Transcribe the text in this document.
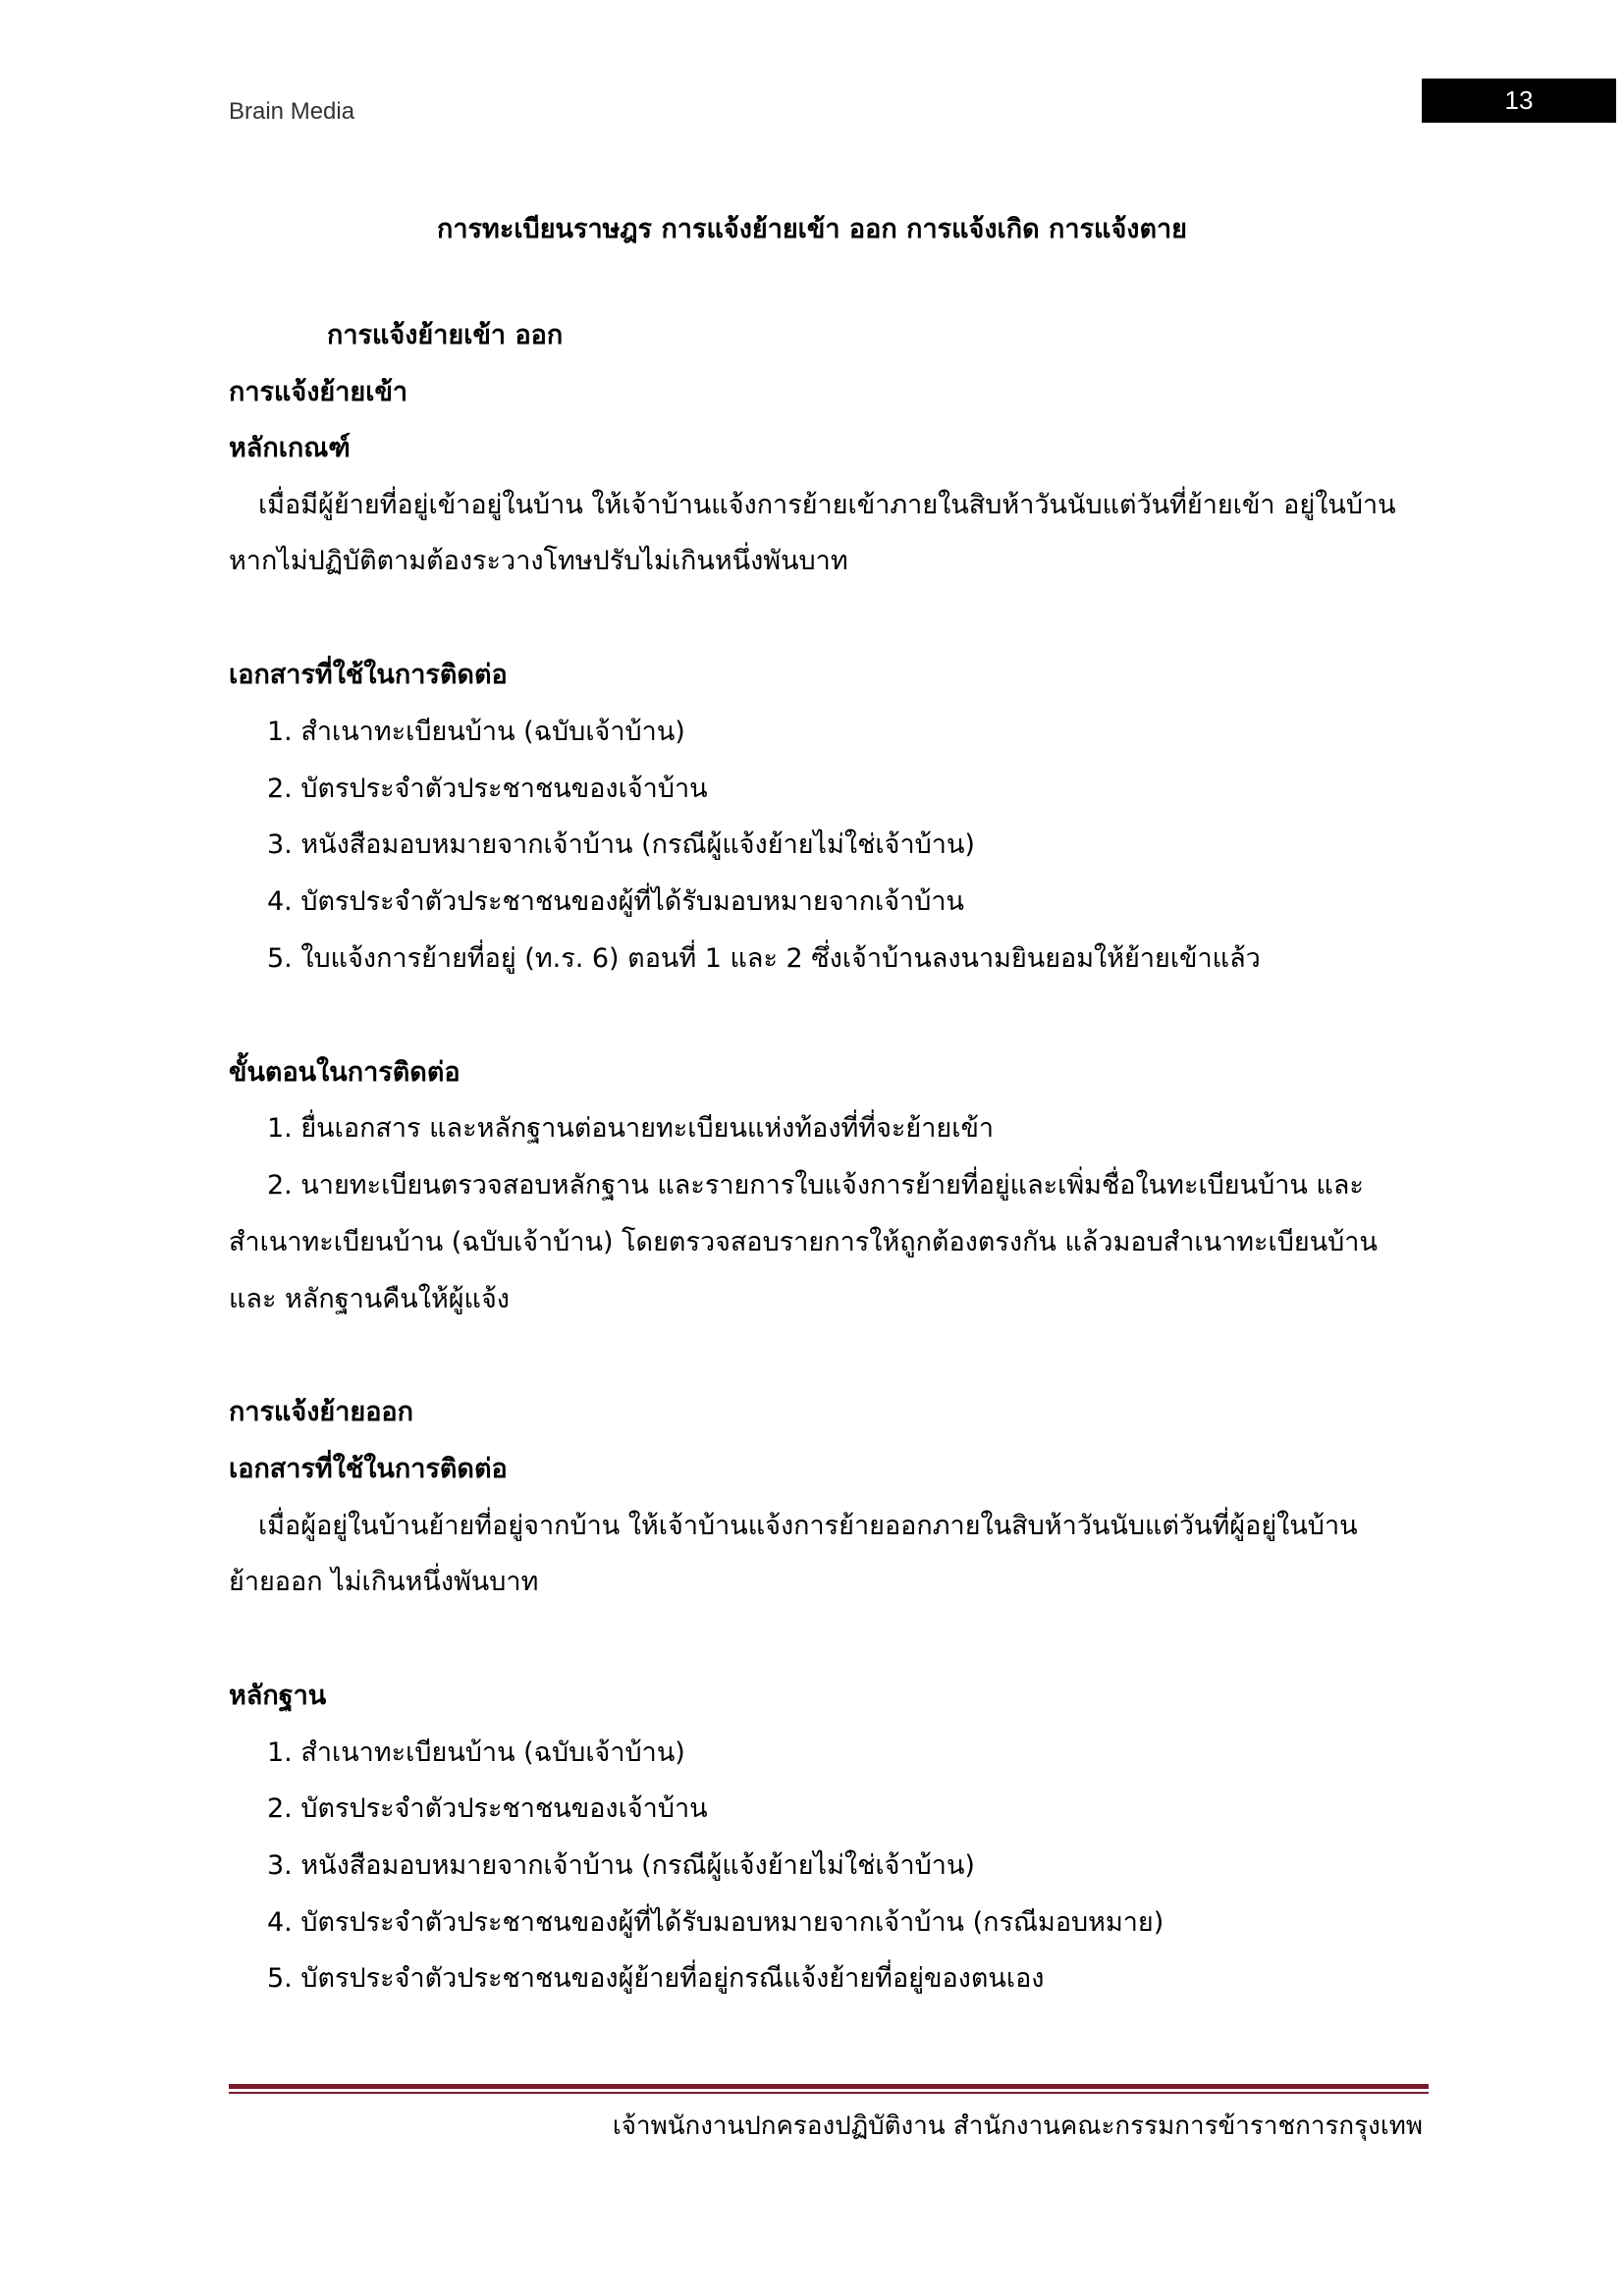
Brain Media	13
การทะเบียนราษฎร การแจ้งย้ายเข้า ออก การแจ้งเกิด การแจ้งตาย
การแจ้งย้ายเข้า ออก
การแจ้งย้ายเข้า
หลักเกณฑ์
เมื่อมีผู้ย้ายที่อยู่เข้าอยู่ในบ้าน ให้เจ้าบ้านแจ้งการย้ายเข้าภายในสิบห้าวันนับแต่วันที่ย้ายเข้า อยู่ในบ้าน
หากไม่ปฏิบัติตามต้องระวางโทษปรับไม่เกินหนึ่งพันบาท
เอกสารที่ใช้ในการติดต่อ
1. สำเนาทะเบียนบ้าน (ฉบับเจ้าบ้าน)
2. บัตรประจำตัวประชาชนของเจ้าบ้าน
3. หนังสือมอบหมายจากเจ้าบ้าน (กรณีผู้แจ้งย้ายไม่ใช่เจ้าบ้าน)
4. บัตรประจำตัวประชาชนของผู้ที่ได้รับมอบหมายจากเจ้าบ้าน
5. ใบแจ้งการย้ายที่อยู่ (ท.ร. 6) ตอนที่ 1 และ 2 ซึ่งเจ้าบ้านลงนามยินยอมให้ย้ายเข้าแล้ว
ขั้นตอนในการติดต่อ
1. ยื่นเอกสาร และหลักฐานต่อนายทะเบียนแห่งท้องที่ที่จะย้ายเข้า
2. นายทะเบียนตรวจสอบหลักฐาน และรายการใบแจ้งการย้ายที่อยู่และเพิ่มชื่อในทะเบียนบ้าน และ
สำเนาทะเบียนบ้าน (ฉบับเจ้าบ้าน) โดยตรวจสอบรายการให้ถูกต้องตรงกัน แล้วมอบสำเนาทะเบียนบ้าน
และ หลักฐานคืนให้ผู้แจ้ง
การแจ้งย้ายออก
เอกสารที่ใช้ในการติดต่อ
เมื่อผู้อยู่ในบ้านย้ายที่อยู่จากบ้าน ให้เจ้าบ้านแจ้งการย้ายออกภายในสิบห้าวันนับแต่วันที่ผู้อยู่ในบ้าน
ย้ายออก ไม่เกินหนึ่งพันบาท
หลักฐาน
1. สำเนาทะเบียนบ้าน (ฉบับเจ้าบ้าน)
2. บัตรประจำตัวประชาชนของเจ้าบ้าน
3. หนังสือมอบหมายจากเจ้าบ้าน (กรณีผู้แจ้งย้ายไม่ใช่เจ้าบ้าน)
4. บัตรประจำตัวประชาชนของผู้ที่ได้รับมอบหมายจากเจ้าบ้าน (กรณีมอบหมาย)
5. บัตรประจำตัวประชาชนของผู้ย้ายที่อยู่กรณีแจ้งย้ายที่อยู่ของตนเอง
เจ้าพนักงานปกครองปฏิบัติงาน สำนักงานคณะกรรมการข้าราชการกรุงเทพ
